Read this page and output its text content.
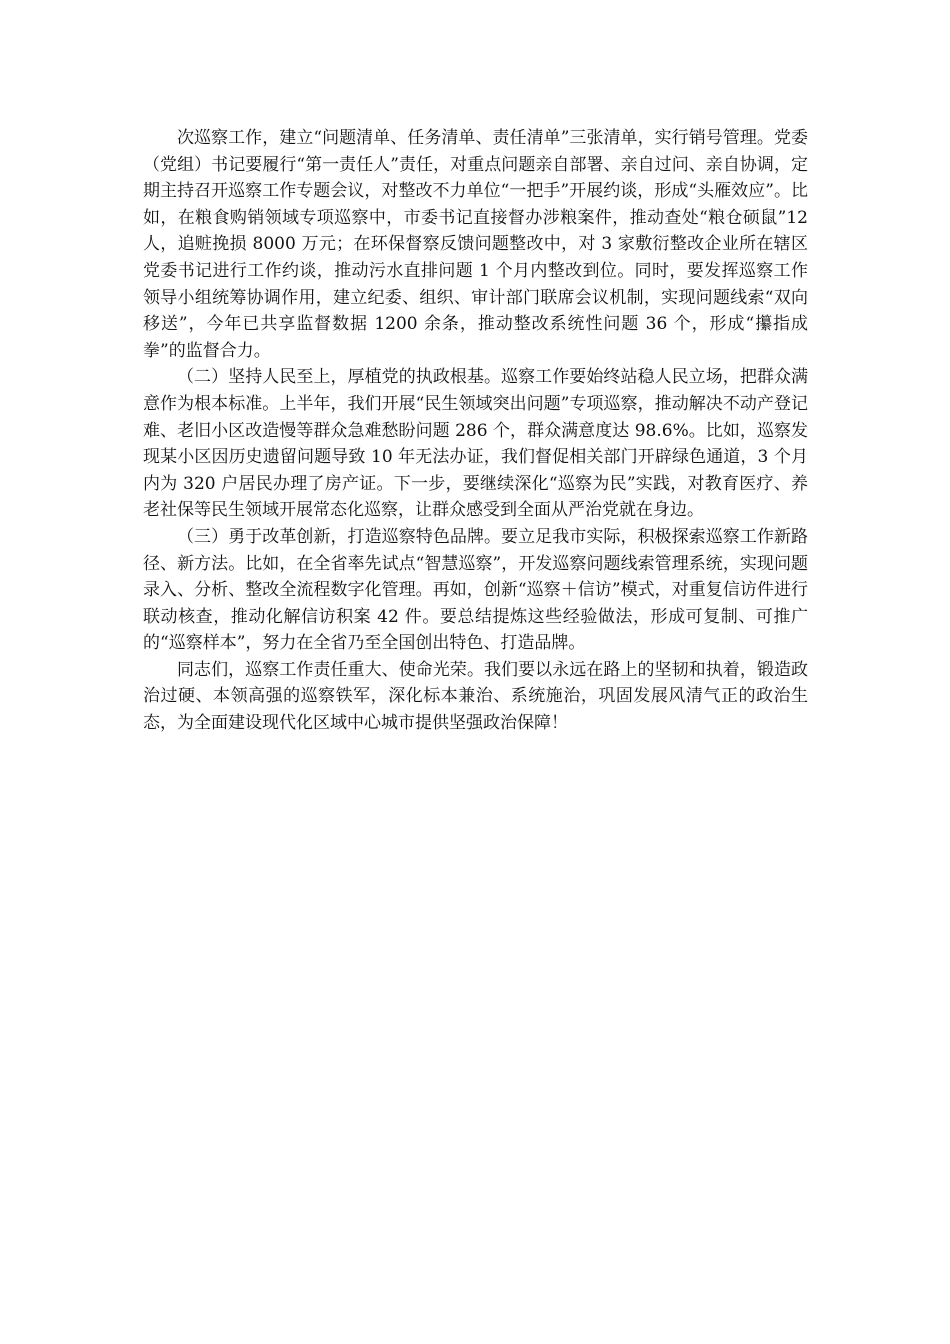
次巡察工作，建立“问题清单、任务清单、责任清单”三张清单，实行销号管理。党委（党组）书记要履行“第一责任人”责任，对重点问题亲自部署、亲自过问、亲自协调，定期主持召开巡察工作专题会议，对整改不力单位“一把手”开展约谈，形成“头雁效应”。比如，在粮食购销领域专项巡察中，市委书记直接督办涉粮案件，推动查处“粮仓硕鼠”12 人，追赃挽损 8000 万元；在环保督察反馈问题整改中，对 3 家敷衍整改企业所在辖区党委书记进行工作约谈，推动污水直排问题 1 个月内整改到位。同时，要发挥巡察工作领导小组统筹协调作用，建立纪委、组织、审计部门联席会议机制，实现问题线索“双向移送”，今年已共享监督数据 1200 余条，推动整改系统性问题 36 个，形成“攥指成拳”的监督合力。

（二）坚持人民至上，厚植党的执政根基。巡察工作要始终站稳人民立场，把群众满意作为根本标准。上半年，我们开展“民生领域突出问题”专项巡察，推动解决不动产登记难、老旧小区改造慢等群众急难愁盼问题 286 个，群众满意度达 98.6%。比如，巡察发现某小区因历史遗留问题导致 10 年无法办证，我们督促相关部门开辟绿色通道，3 个月内为 320 户居民办理了房产证。下一步，要继续深化“巡察为民”实践，对教育医疗、养老社保等民生领域开展常态化巡察，让群众感受到全面从严治党就在身边。

（三）勇于改革创新，打造巡察特色品牌。要立足我市实际，积极探索巡察工作新路径、新方法。比如，在全省率先试点“智慧巡察”，开发巡察问题线索管理系统，实现问题录入、分析、整改全流程数字化管理。再如，创新“巡察＋信访”模式，对重复信访件进行联动核查，推动化解信访积案 42 件。要总结提炼这些经验做法，形成可复制、可推广的“巡察样本”，努力在全省乃至全国创出特色、打造品牌。

同志们，巡察工作责任重大、使命光荣。我们要以永远在路上的坚韧和执着，锻造政治过硬、本领高强的巡察铁军，深化标本兼治、系统施治，巩固发展风清气正的政治生态，为全面建设现代化区域中心城市提供坚强政治保障！
